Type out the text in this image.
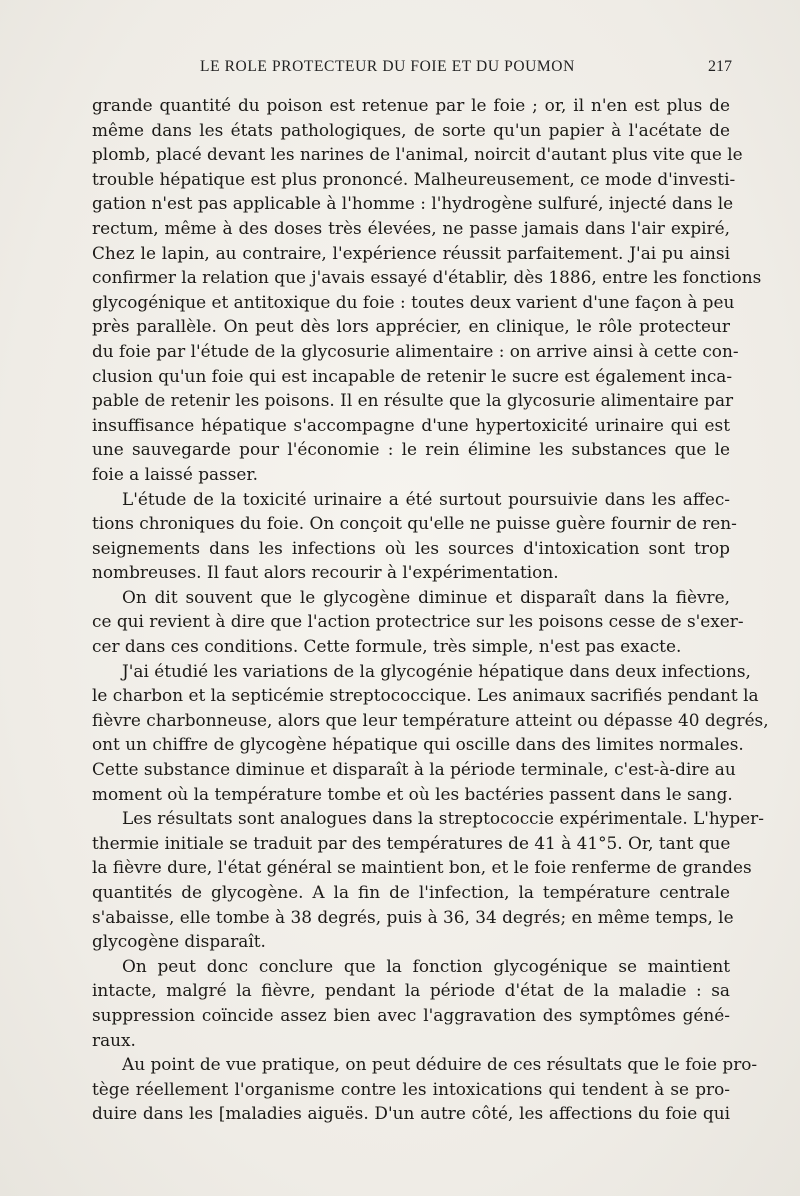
LE ROLE PROTECTEUR DU FOIE ET DU POUMON	217
grande quantité du poison est retenue par le foie ; or, il n'en est plus de
même dans les états pathologiques, de sorte qu'un papier à l'acétate de
plomb, placé devant les narines de l'animal, noircit d'autant plus vite que le
trouble hépatique est plus prononcé. Malheureusement, ce mode d'investi-
gation n'est pas applicable à l'homme : l'hydrogène sulfuré, injecté dans le
rectum, même à des doses très élevées, ne passe jamais dans l'air expiré,
Chez le lapin, au contraire, l'expérience réussit parfaitement. J'ai pu ainsi
confirmer la relation que j'avais essayé d'établir, dès 1886, entre les fonctions
glycogénique et antitoxique du foie : toutes deux varient d'une façon à peu
près parallèle. On peut dès lors apprécier, en clinique, le rôle protecteur
du foie par l'étude de la glycosurie alimentaire : on arrive ainsi à cette con-
clusion qu'un foie qui est incapable de retenir le sucre est également inca-
pable de retenir les poisons. Il en résulte que la glycosurie alimentaire par
insuffisance hépatique s'accompagne d'une hypertoxicité urinaire qui est
une sauvegarde pour l'économie : le rein élimine les substances que le
foie a laissé passer.
L'étude de la toxicité urinaire a été surtout poursuivie dans les affec-
tions chroniques du foie. On conçoit qu'elle ne puisse guère fournir de ren-
seignements dans les infections où les sources d'intoxication sont trop
nombreuses. Il faut alors recourir à l'expérimentation.
On dit souvent que le glycogène diminue et disparaît dans la fièvre,
ce qui revient à dire que l'action protectrice sur les poisons cesse de s'exer-
cer dans ces conditions. Cette formule, très simple, n'est pas exacte.
J'ai étudié les variations de la glycogénie hépatique dans deux infections,
le charbon et la septicémie streptococcique. Les animaux sacrifiés pendant la
fièvre charbonneuse, alors que leur température atteint ou dépasse 40 degrés,
ont un chiffre de glycogène hépatique qui oscille dans des limites normales.
Cette substance diminue et disparaît à la période terminale, c'est-à-dire au
moment où la température tombe et où les bactéries passent dans le sang.
Les résultats sont analogues dans la streptococcie expérimentale. L'hyper-
thermie initiale se traduit par des températures de 41 à 41°5. Or, tant que
la fièvre dure, l'état général se maintient bon, et le foie renferme de grandes
quantités de glycogène. A la fin de l'infection, la température centrale
s'abaisse, elle tombe à 38 degrés, puis à 36, 34 degrés; en même temps, le
glycogène disparaît.
On peut donc conclure que la fonction glycogénique se maintient
intacte, malgré la fièvre, pendant la période d'état de la maladie : sa
suppression coïncide assez bien avec l'aggravation des symptômes géné-
raux.
Au point de vue pratique, on peut déduire de ces résultats que le foie pro-
tège réellement l'organisme contre les intoxications qui tendent à se pro-
duire dans les [maladies aiguës. D'un autre côté, les affections du foie qui
